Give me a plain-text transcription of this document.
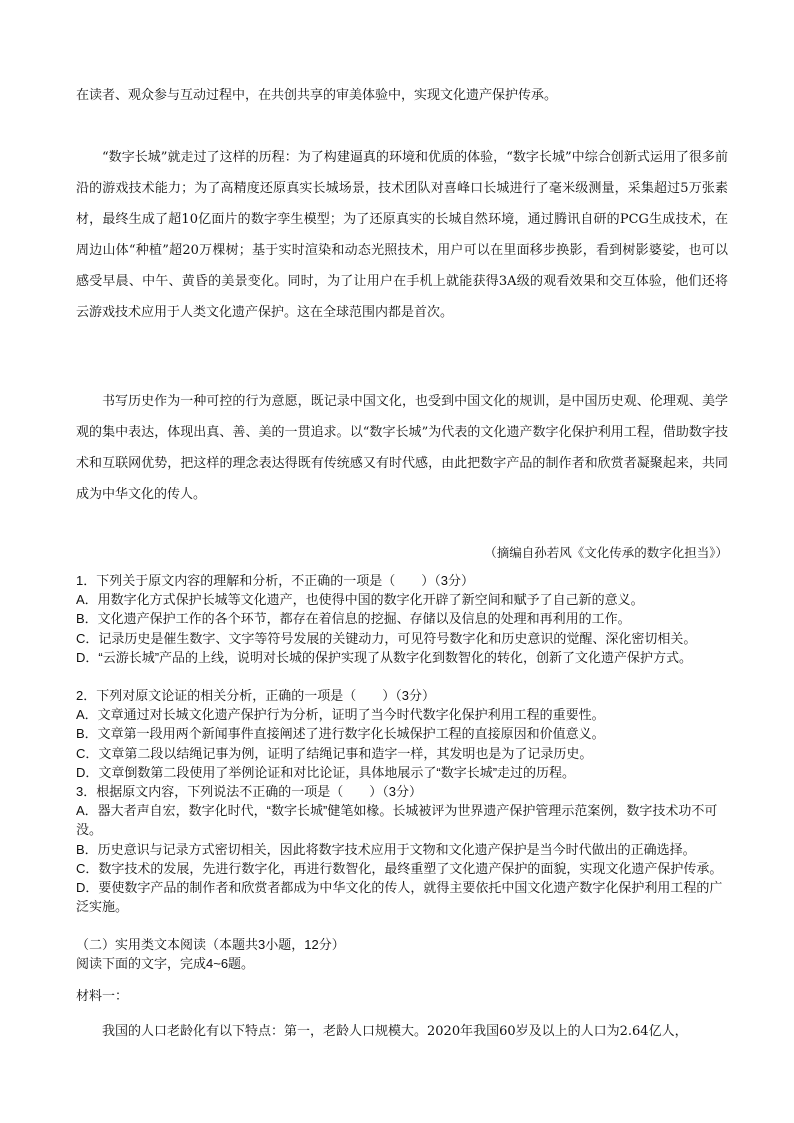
在读者、观众参与互动过程中，在共创共享的审美体验中，实现文化遗产保护传承。

“数字长城”就走过了这样的历程：为了构建逼真的环境和优质的体验，“数字长城”中综合创新式运用了很多前沿的游戏技术能力；为了高精度还原真实长城场景，技术团队对喜峰口长城进行了毫米级测量，采集超过5万张素材，最终生成了超10亿面片的数字孪生模型；为了还原真实的长城自然环境，通过腾讯自研的PCG生成技术，在周边山体“种植”超20万棵树；基于实时渲染和动态光照技术，用户可以在里面移步换影，看到树影婆娑，也可以感受早晨、中午、黄昏的美景变化。同时，为了让用户在手机上就能获得3A级的观看效果和交互体验，他们还将云游戏技术应用于人类文化遗产保护。这在全球范围内都是首次。

书写历史作为一种可控的行为意愿，既记录中国文化，也受到中国文化的规训，是中国历史观、伦理观、美学观的集中表达，体现出真、善、美的一贯追求。以“数字长城”为代表的文化遗产数字化保护利用工程，借助数字技术和互联网优势，把这样的理念表达得既有传统感又有时代感，由此把数字产品的制作者和欣赏者凝聚起来，共同成为中华文化的传人。

（摘编自孙若风《文化传承的数字化担当》）
1．下列关于原文内容的理解和分析，不正确的一项是（　　）（3分）
A．用数字化方式保护长城等文化遗产，也使得中国的数字化开辟了新空间和赋予了自己新的意义。
B．文化遗产保护工作的各个环节，都存在着信息的挖掘、存储以及信息的处理和再利用的工作。
C．记录历史是催生数字、文字等符号发展的关键动力，可见符号数字化和历史意识的觉醒、深化密切相关。
D．“云游长城”产品的上线，说明对长城的保护实现了从数字化到数智化的转化，创新了文化遗产保护方式。
2．下列对原文论证的相关分析，正确的一项是（　　）（3分）
A．文章通过对长城文化遗产保护行为分析，证明了当今时代数字化保护利用工程的重要性。
B．文章第一段用两个新闻事件直接阐述了进行数字化长城保护工程的直接原因和价值意义。
C．文章第二段以结绳记事为例，证明了结绳记事和造字一样，其发明也是为了记录历史。
D．文章倒数第二段使用了举例论证和对比论证，具体地展示了“数字长城”走过的历程。
3．根据原文内容，下列说法不正确的一项是（　　）（3分）
A．器大者声自宏，数字化时代，“数字长城”健笔如椽。长城被评为世界遗产保护管理示范案例，数字技术功不可没。
B．历史意识与记录方式密切相关，因此将数字技术应用于文物和文化遗产保护是当今时代做出的正确选择。
C．数字技术的发展，先进行数字化，再进行数智化，最终重塑了文化遗产保护的面貌，实现文化遗产保护传承。
D．要使数字产品的制作者和欣赏者都成为中华文化的传人，就得主要依托中国文化遗产数字化保护利用工程的广泛实施。
（二）实用类文本阅读（本题共3小题，12分）
阅读下面的文字，完成4~6题。
材料一：
我国的人口老龄化有以下特点：第一，老龄人口规模大。2020年我国60岁及以上的人口为2.64亿人，
